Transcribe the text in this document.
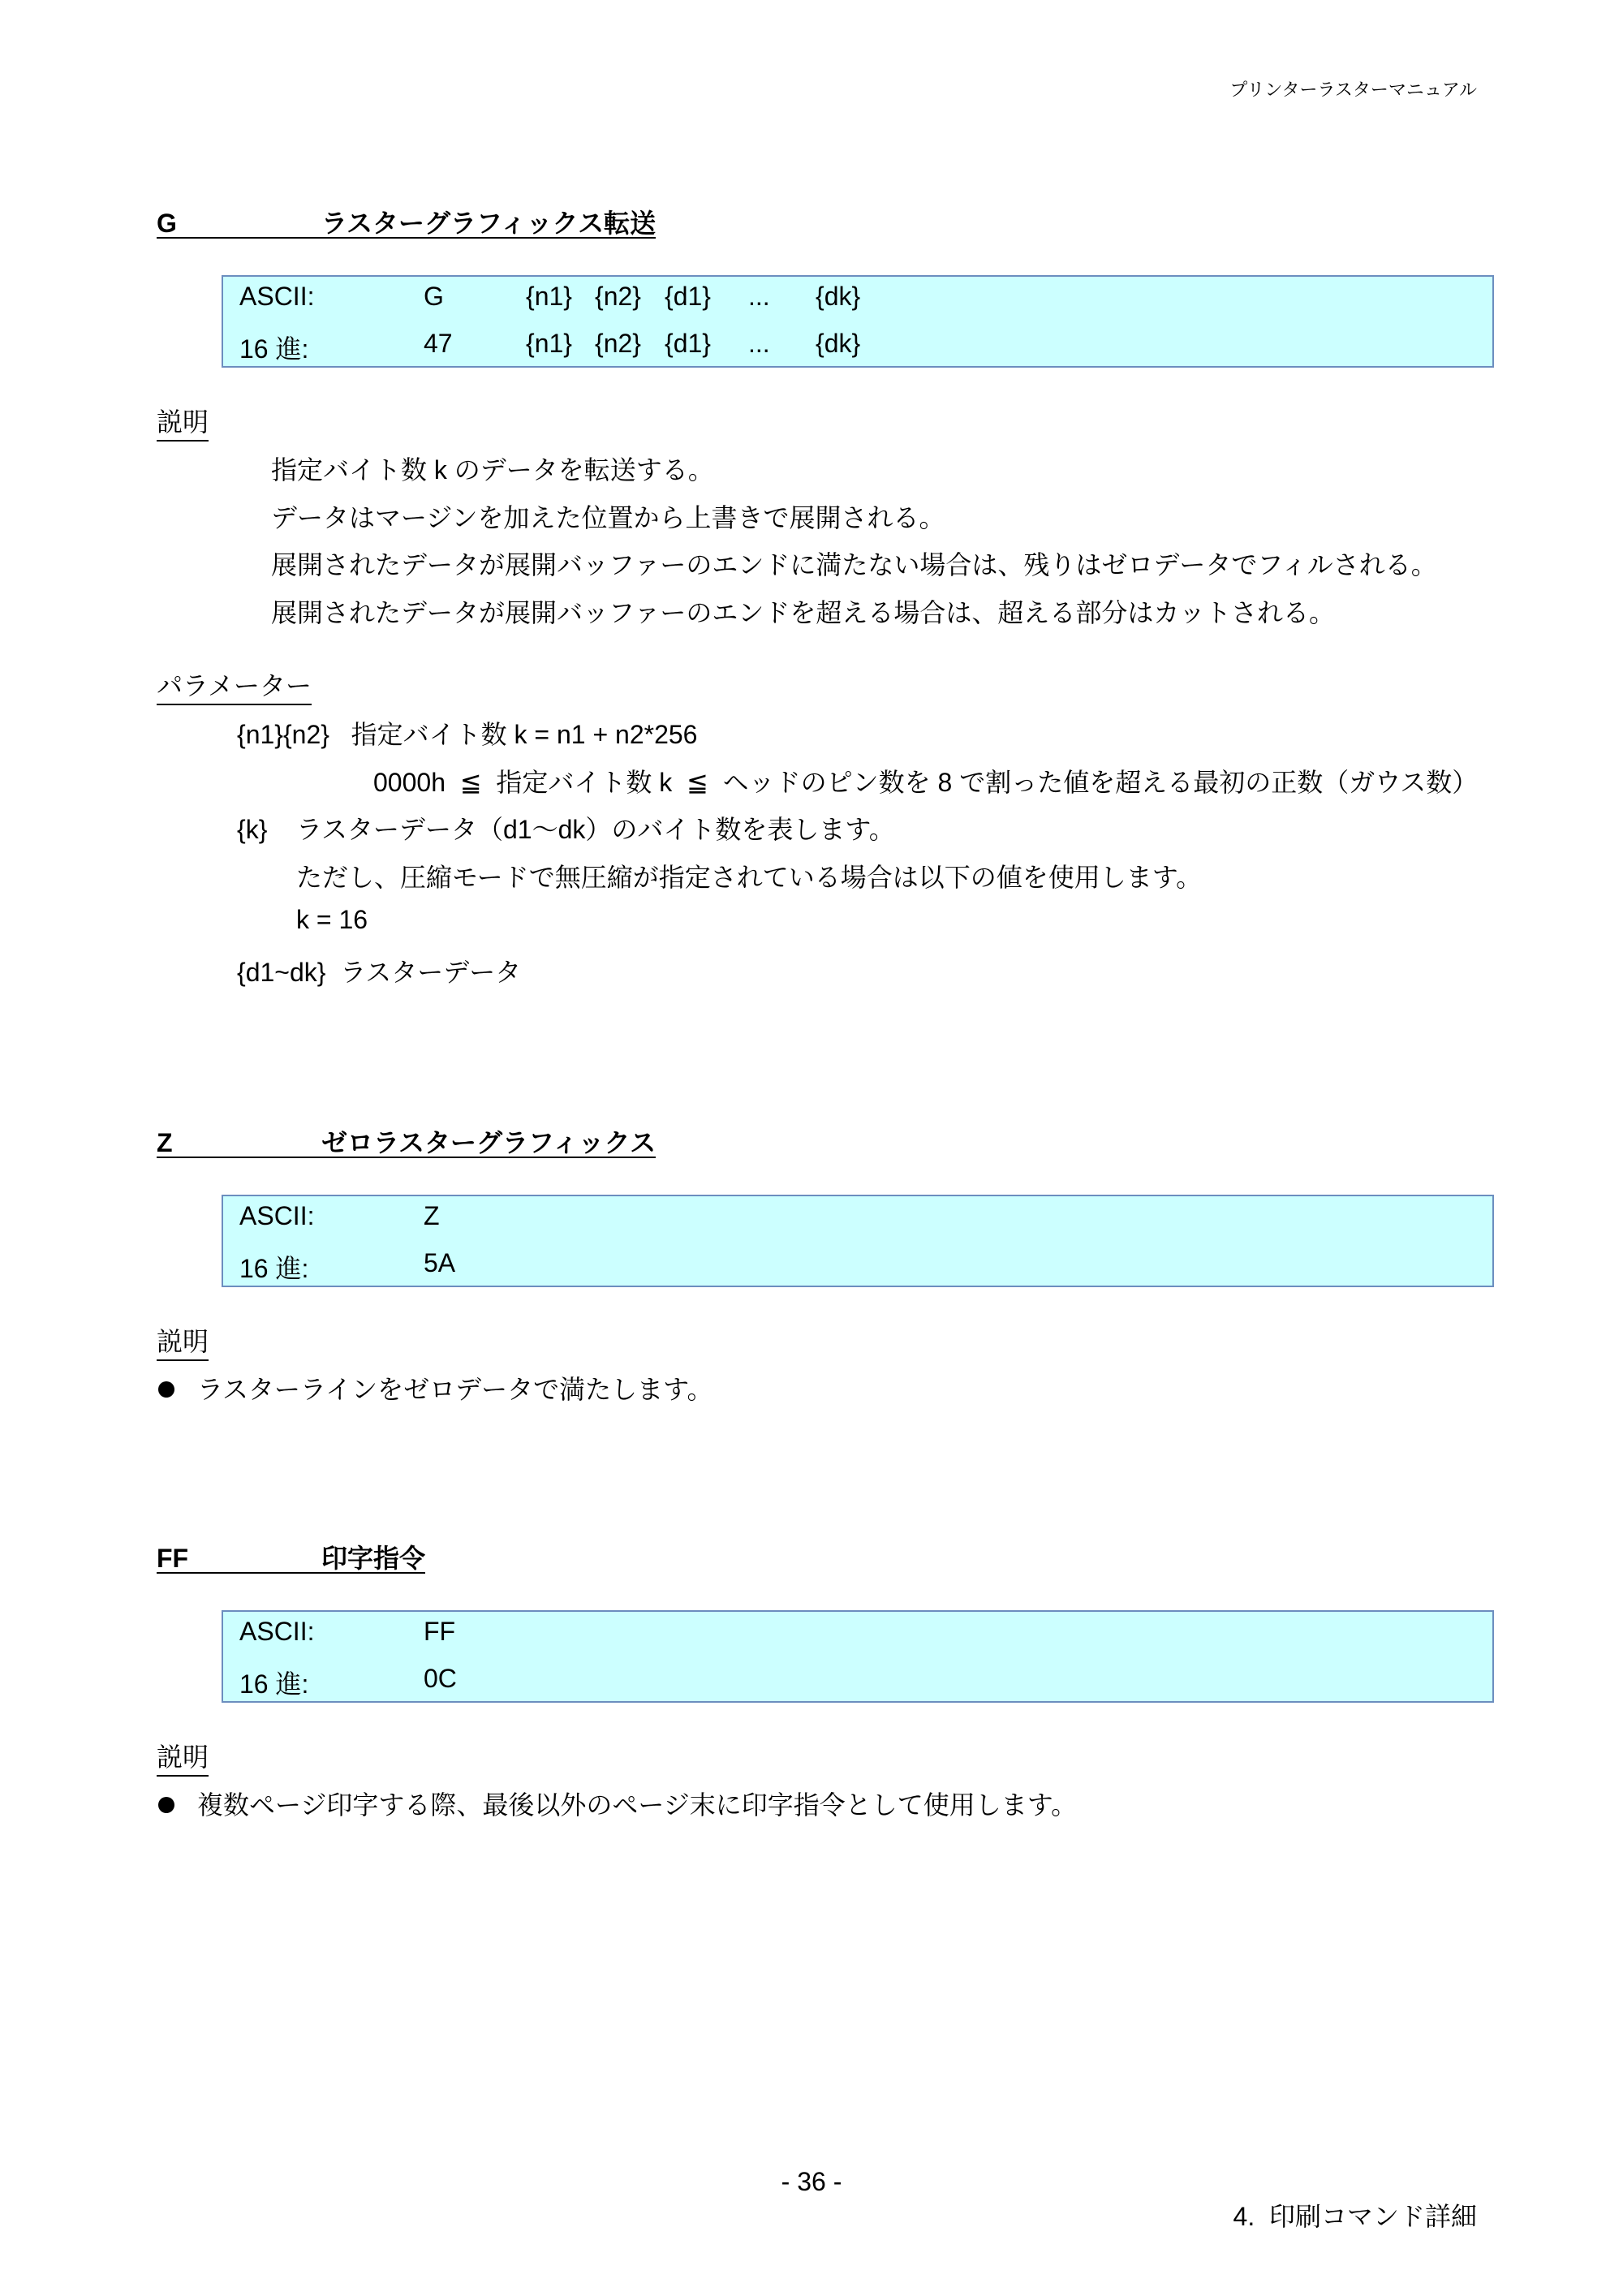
プリンターラスターマニュアル
G	ラスターグラフィックス転送
ASCII:	G	{n1} {n2} {d1} ... {dk}
16 進:	47	{n1} {n2} {d1} ... {dk}
説明
指定バイト数 k のデータを転送する。
データはマージンを加えた位置から上書きで展開される。
展開されたデータが展開バッファーのエンドに満たない場合は、残りはゼロデータでフィルされる。
展開されたデータが展開バッファーのエンドを超える場合は、超える部分はカットされる。
パラメーター
{n1}{n2}   指定バイト数 k = n1 + n2*256
0000h  ≦  指定バイト数 k  ≦  ヘッドのピン数を 8 で割った値を超える最初の正数（ガウス数）
{k}    ラスターデータ（d1～dk）のバイト数を表します。
ただし、圧縮モードで無圧縮が指定されている場合は以下の値を使用します。
k = 16
{d1~dk}  ラスターデータ
Z	ゼロラスターグラフィックス
ASCII:	Z
16 進:	5A
説明
ラスターラインをゼロデータで満たします。
FF	印字指令
ASCII:	FF
16 進:	0C
説明
複数ページ印字する際、最後以外のページ末に印字指令として使用します。
- 36 -
4.  印刷コマンド詳細
